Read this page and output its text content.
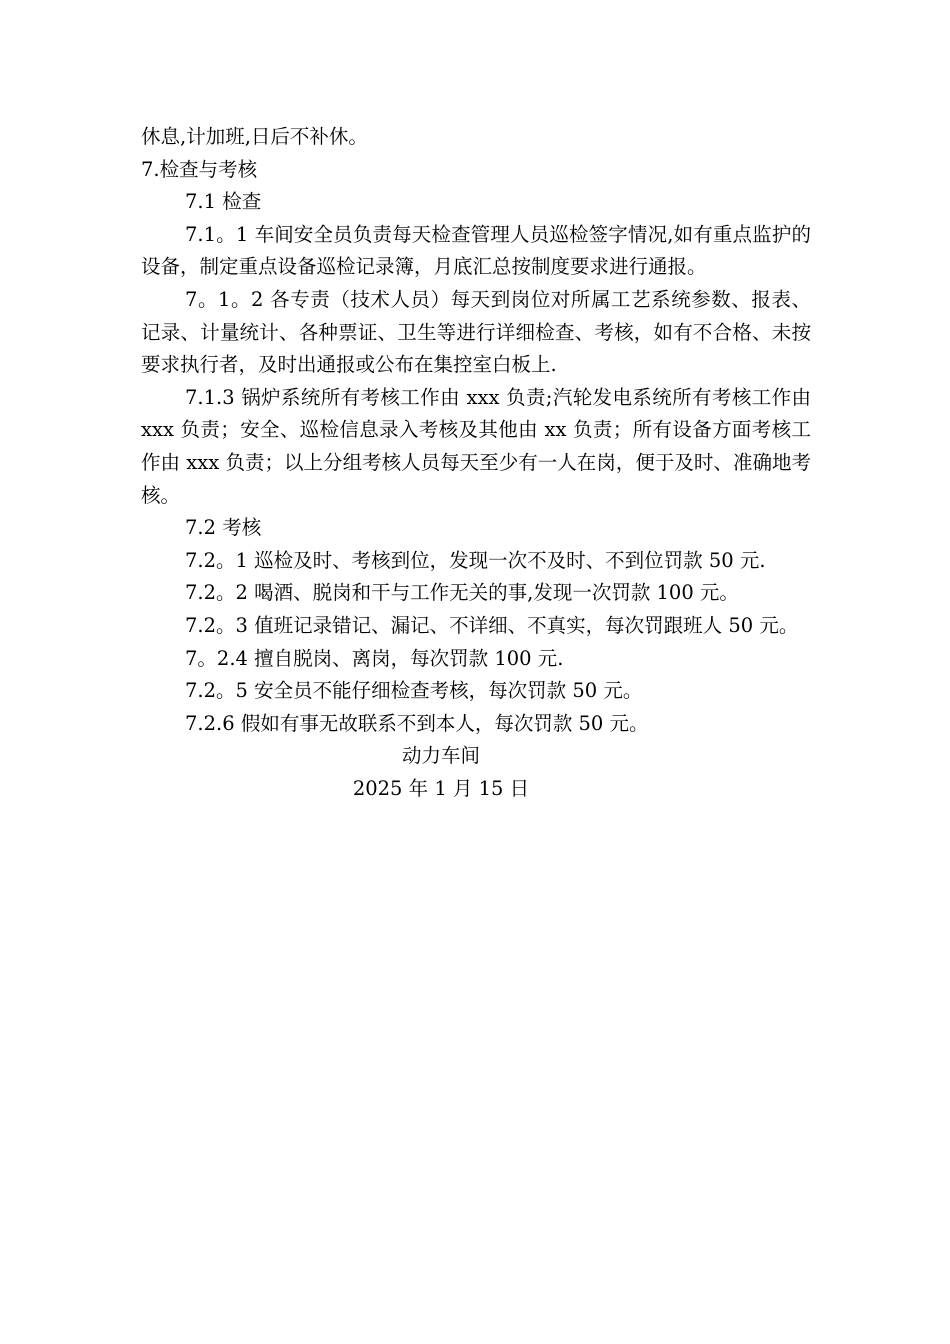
休息,计加班,日后不补休。

7.检查与考核

7.1 检查

7.1。1 车间安全员负责每天检查管理人员巡检签字情况,如有重点监护的设备，制定重点设备巡检记录簿，月底汇总按制度要求进行通报。

7。1。2 各专责（技术人员）每天到岗位对所属工艺系统参数、报表、记录、计量统计、各种票证、卫生等进行详细检查、考核，如有不合格、未按要求执行者，及时出通报或公布在集控室白板上.

7.1.3 锅炉系统所有考核工作由 xxx 负责;汽轮发电系统所有考核工作由 xxx 负责；安全、巡检信息录入考核及其他由 xx 负责；所有设备方面考核工作由 xxx 负责；以上分组考核人员每天至少有一人在岗，便于及时、准确地考核。

7.2 考核

7.2。1 巡检及时、考核到位，发现一次不及时、不到位罚款 50 元.

7.2。2 喝酒、脱岗和干与工作无关的事,发现一次罚款 100 元。

7.2。3 值班记录错记、漏记、不详细、不真实，每次罚跟班人 50 元。

7。2.4 擅自脱岗、离岗，每次罚款 100 元.

7.2。5 安全员不能仔细检查考核，每次罚款 50 元。

7.2.6 假如有事无故联系不到本人，每次罚款 50 元。

动力车间

2025 年 1 月 15 日
